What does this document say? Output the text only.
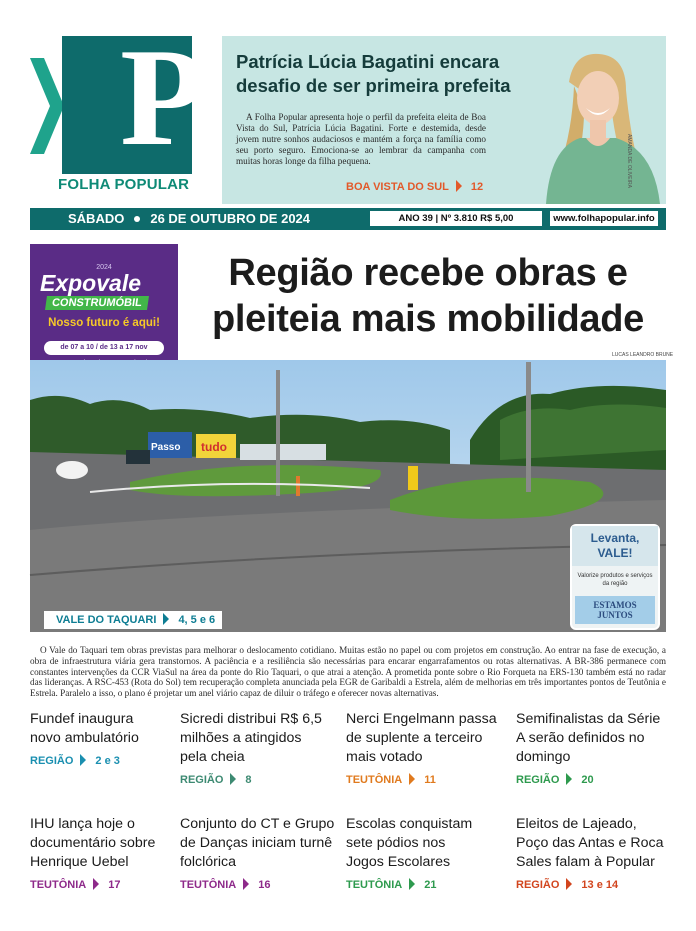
P
FOLHA POPULAR
Patrícia Lúcia Bagatini encara desafio de ser primeira prefeita
A Folha Popular apresenta hoje o perfil da prefeita eleita de Boa Vista do Sul, Patrícia Lúcia Bagatini. Forte e destemida, desde jovem nutre sonhos audaciosos e mantém a força na família como seu porto seguro. Emociona-se ao lembrar da campanha com muitas horas longe da filha pequena.
BOA VISTA DO SUL 12	AMANDA DE OLIVEIRA
SÁBADO 26 DE OUTUBRO DE 2024	ANO 39 | Nº 3.810 R$ 5,00	www.folhapopular.info
2024
Expovale
CONSTRUMÓBIL
Nosso futuro é aqui!
de 07 a 10 / de 13 a 17 nov
Região recebe obras e pleiteia mais mobilidade
LUCAS LEANDRO BRUNE
Passo tudo
VALE DO TAQUARI 4, 5 e 6
Levanta, VALE!
Valorize produtos e serviços da região
ESTAMOS JUNTOS

O Vale do Taquari tem obras previstas para melhorar o deslocamento cotidiano. Muitas estão no papel ou com projetos em construção. Ao entrar na fase de execução, a obra de infraestrutura viária gera transtornos. A paciência e a resiliência são necessárias para encarar engarrafamentos ou rotas alternativas. A BR-386 permanece com constantes intervenções da CCR ViaSul na área da ponte do Rio Taquari, o que atrai a atenção. A prometida ponte sobre o Rio Forqueta na ERS-130 também está no radar das lideranças. A RSC-453 (Rota do Sol) tem recuperação completa anunciada pela EGR de Garibaldi a Estrela, além de melhorias em três importantes pontos de Teutônia e Estrela. Paralelo a isso, o plano é projetar um anel viário capaz de diluir o tráfego e oferecer novas alternativas.

Fundef inaugura novo ambulatório
REGIÃO 2 e 3
Sicredi distribui R$ 6,5 milhões a atingidos pela cheia
REGIÃO 8
Nerci Engelmann passa de suplente a terceiro mais votado
TEUTÔNIA 11
Semifinalistas da Série A serão definidos no domingo
REGIÃO 20
IHU lança hoje o documentário sobre Henrique Uebel
TEUTÔNIA 17
Conjunto do CT e Grupo de Danças iniciam turnê folclórica
TEUTÔNIA 16
Escolas conquistam sete pódios nos Jogos Escolares
TEUTÔNIA 21
Eleitos de Lajeado, Poço das Antas e Roca Sales falam à Popular
REGIÃO 13 e 14
